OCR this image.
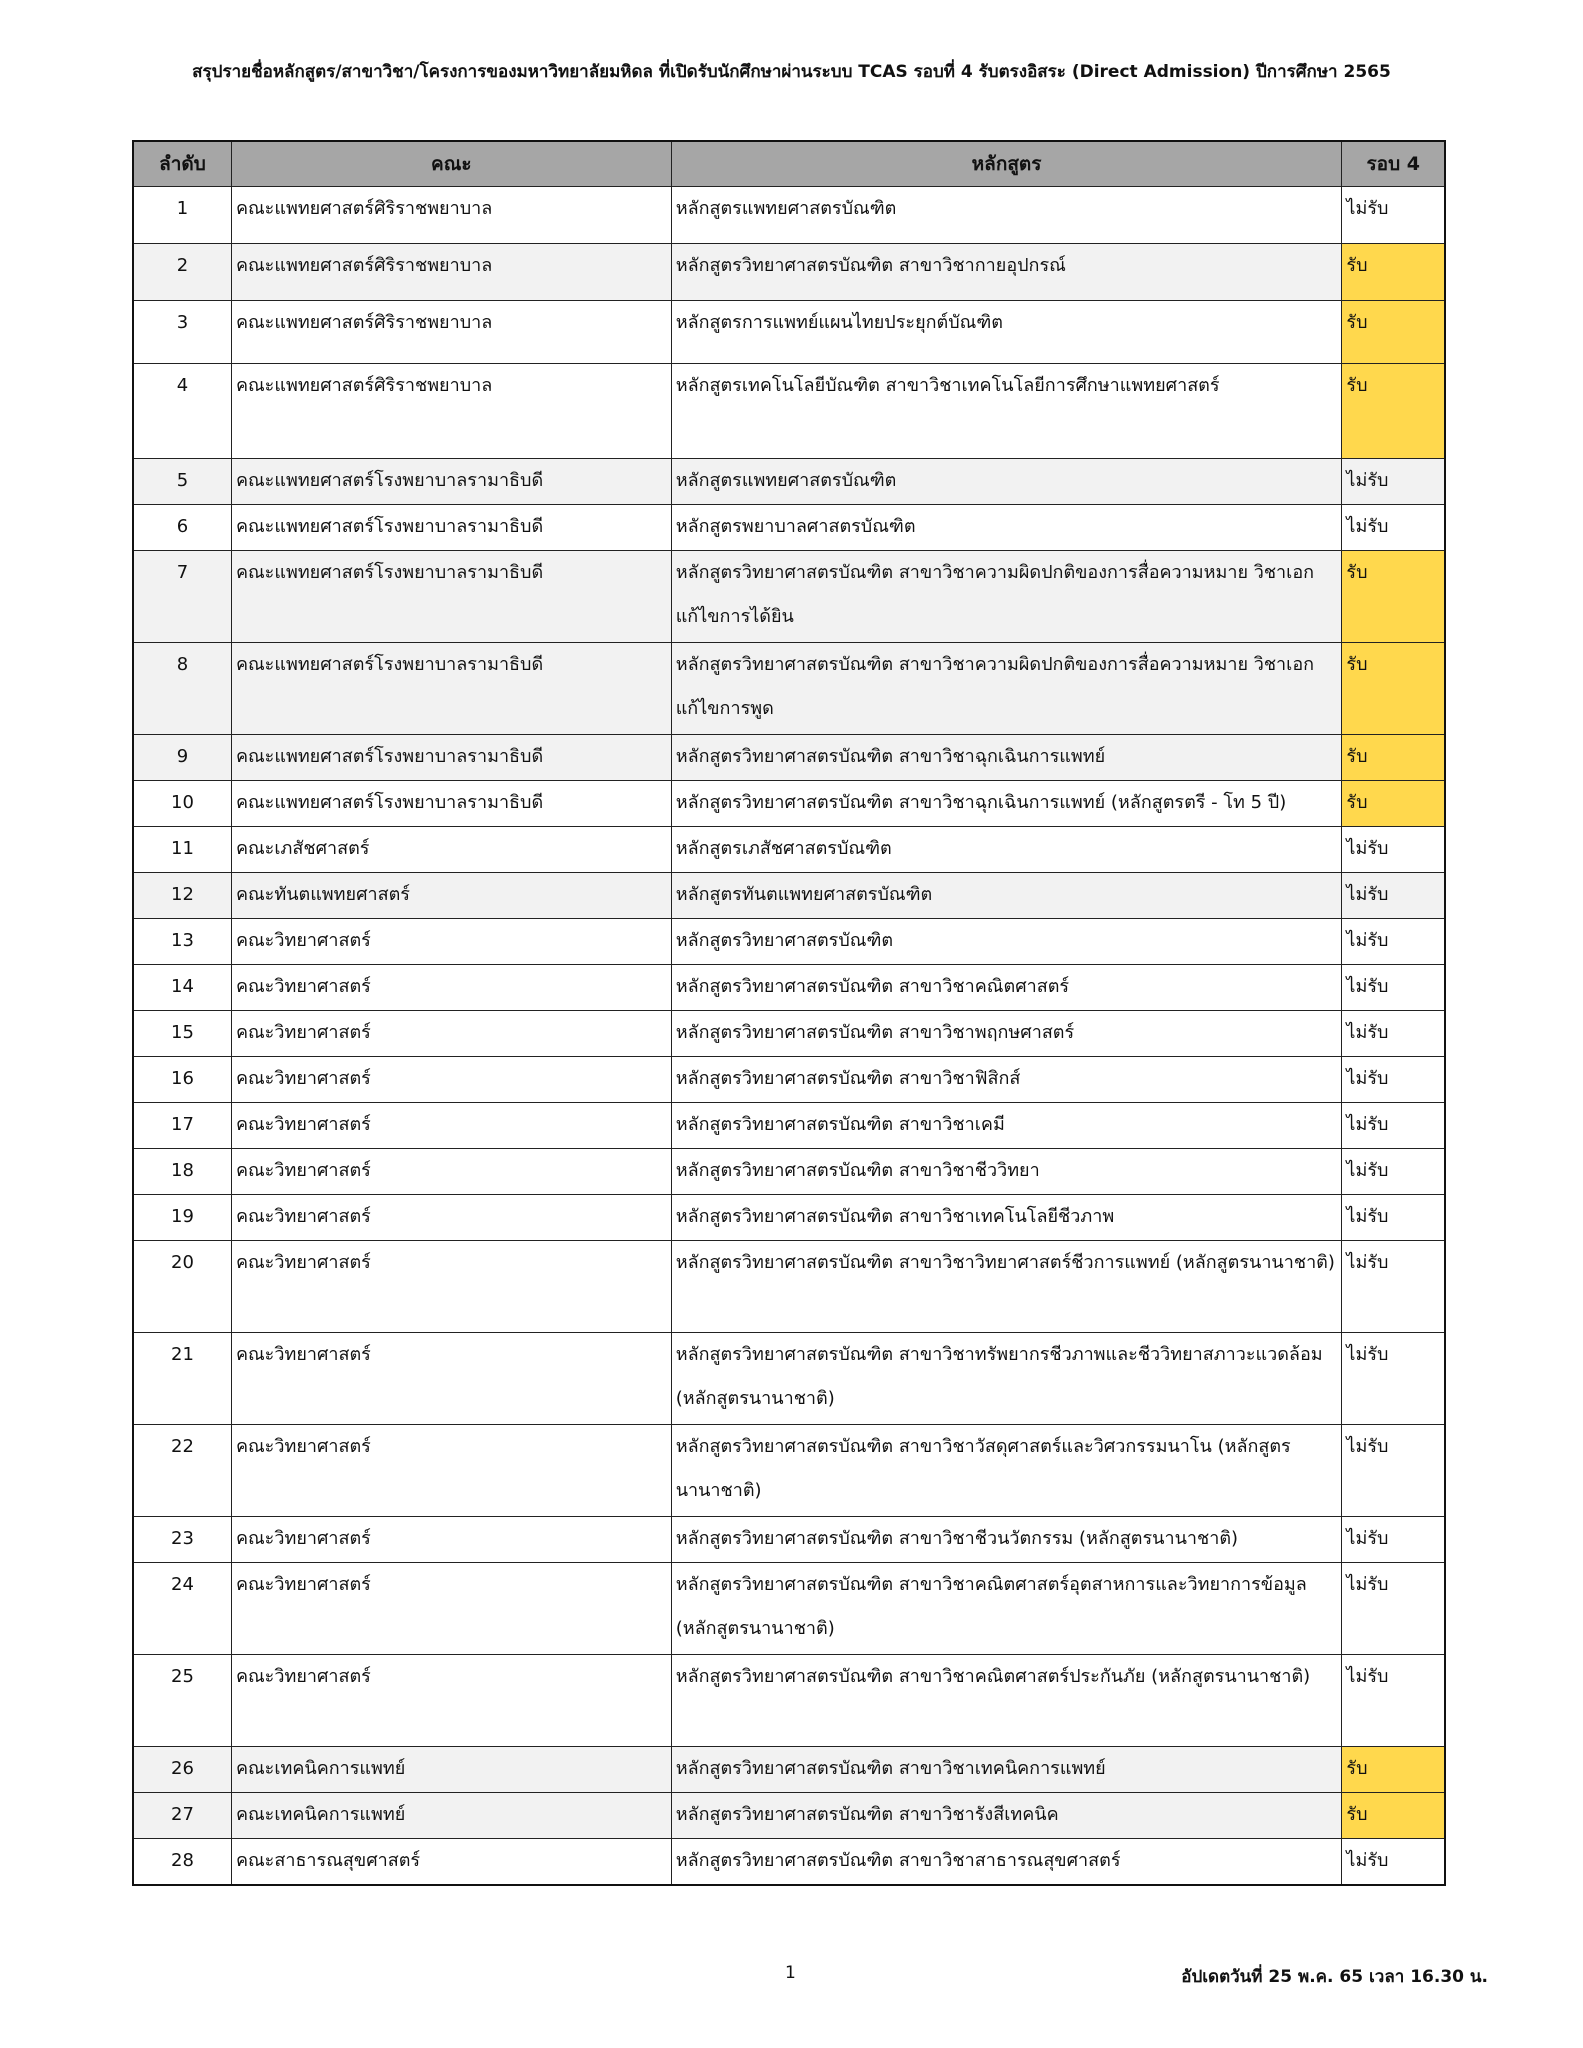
สรุปรายชื่อหลักสูตร/สาขาวิชา/โครงการของมหาวิทยาลัยมหิดล ที่เปิดรับนักศึกษาผ่านระบบ TCAS รอบที่ 4 รับตรงอิสระ (Direct Admission) ปีการศึกษา 2565
ลำดับ	คณะ	หลักสูตร	รอบ 4
1	คณะแพทยศาสตร์ศิริราชพยาบาล	หลักสูตรแพทยศาสตรบัณฑิต	ไม่รับ
2	คณะแพทยศาสตร์ศิริราชพยาบาล	หลักสูตรวิทยาศาสตรบัณฑิต สาขาวิชากายอุปกรณ์	รับ
3	คณะแพทยศาสตร์ศิริราชพยาบาล	หลักสูตรการแพทย์แผนไทยประยุกต์บัณฑิต	รับ
4	คณะแพทยศาสตร์ศิริราชพยาบาล	หลักสูตรเทคโนโลยีบัณฑิต สาขาวิชาเทคโนโลยีการศึกษาแพทยศาสตร์	รับ
5	คณะแพทยศาสตร์โรงพยาบาลรามาธิบดี	หลักสูตรแพทยศาสตรบัณฑิต	ไม่รับ
6	คณะแพทยศาสตร์โรงพยาบาลรามาธิบดี	หลักสูตรพยาบาลศาสตรบัณฑิต	ไม่รับ
7	คณะแพทยศาสตร์โรงพยาบาลรามาธิบดี	หลักสูตรวิทยาศาสตรบัณฑิต สาขาวิชาความผิดปกติของการสื่อความหมาย วิชาเอกแก้ไขการได้ยิน	รับ
8	คณะแพทยศาสตร์โรงพยาบาลรามาธิบดี	หลักสูตรวิทยาศาสตรบัณฑิต สาขาวิชาความผิดปกติของการสื่อความหมาย วิชาเอกแก้ไขการพูด	รับ
9	คณะแพทยศาสตร์โรงพยาบาลรามาธิบดี	หลักสูตรวิทยาศาสตรบัณฑิต สาขาวิชาฉุกเฉินการแพทย์	รับ
10	คณะแพทยศาสตร์โรงพยาบาลรามาธิบดี	หลักสูตรวิทยาศาสตรบัณฑิต สาขาวิชาฉุกเฉินการแพทย์ (หลักสูตรตรี - โท 5 ปี)	รับ
11	คณะเภสัชศาสตร์	หลักสูตรเภสัชศาสตรบัณฑิต	ไม่รับ
12	คณะทันตแพทยศาสตร์	หลักสูตรทันตแพทยศาสตรบัณฑิต	ไม่รับ
13	คณะวิทยาศาสตร์	หลักสูตรวิทยาศาสตรบัณฑิต	ไม่รับ
14	คณะวิทยาศาสตร์	หลักสูตรวิทยาศาสตรบัณฑิต สาขาวิชาคณิตศาสตร์	ไม่รับ
15	คณะวิทยาศาสตร์	หลักสูตรวิทยาศาสตรบัณฑิต สาขาวิชาพฤกษศาสตร์	ไม่รับ
16	คณะวิทยาศาสตร์	หลักสูตรวิทยาศาสตรบัณฑิต สาขาวิชาฟิสิกส์	ไม่รับ
17	คณะวิทยาศาสตร์	หลักสูตรวิทยาศาสตรบัณฑิต สาขาวิชาเคมี	ไม่รับ
18	คณะวิทยาศาสตร์	หลักสูตรวิทยาศาสตรบัณฑิต สาขาวิชาชีววิทยา	ไม่รับ
19	คณะวิทยาศาสตร์	หลักสูตรวิทยาศาสตรบัณฑิต สาขาวิชาเทคโนโลยีชีวภาพ	ไม่รับ
20	คณะวิทยาศาสตร์	หลักสูตรวิทยาศาสตรบัณฑิต สาขาวิชาวิทยาศาสตร์ชีวการแพทย์ (หลักสูตรนานาชาติ)	ไม่รับ
21	คณะวิทยาศาสตร์	หลักสูตรวิทยาศาสตรบัณฑิต สาขาวิชาทรัพยากรชีวภาพและชีววิทยาสภาวะแวดล้อม (หลักสูตรนานาชาติ)	ไม่รับ
22	คณะวิทยาศาสตร์	หลักสูตรวิทยาศาสตรบัณฑิต สาขาวิชาวัสดุศาสตร์และวิศวกรรมนาโน (หลักสูตรนานาชาติ)	ไม่รับ
23	คณะวิทยาศาสตร์	หลักสูตรวิทยาศาสตรบัณฑิต สาขาวิชาชีวนวัตกรรม (หลักสูตรนานาชาติ)	ไม่รับ
24	คณะวิทยาศาสตร์	หลักสูตรวิทยาศาสตรบัณฑิต สาขาวิชาคณิตศาสตร์อุตสาหการและวิทยาการข้อมูล (หลักสูตรนานาชาติ)	ไม่รับ
25	คณะวิทยาศาสตร์	หลักสูตรวิทยาศาสตรบัณฑิต สาขาวิชาคณิตศาสตร์ประกันภัย (หลักสูตรนานาชาติ)	ไม่รับ
26	คณะเทคนิคการแพทย์	หลักสูตรวิทยาศาสตรบัณฑิต สาขาวิชาเทคนิคการแพทย์	รับ
27	คณะเทคนิคการแพทย์	หลักสูตรวิทยาศาสตรบัณฑิต สาขาวิชารังสีเทคนิค	รับ
28	คณะสาธารณสุขศาสตร์	หลักสูตรวิทยาศาสตรบัณฑิต สาขาวิชาสาธารณสุขศาสตร์	ไม่รับ
1	อัปเดตวันที่ 25 พ.ค. 65 เวลา 16.30 น.
